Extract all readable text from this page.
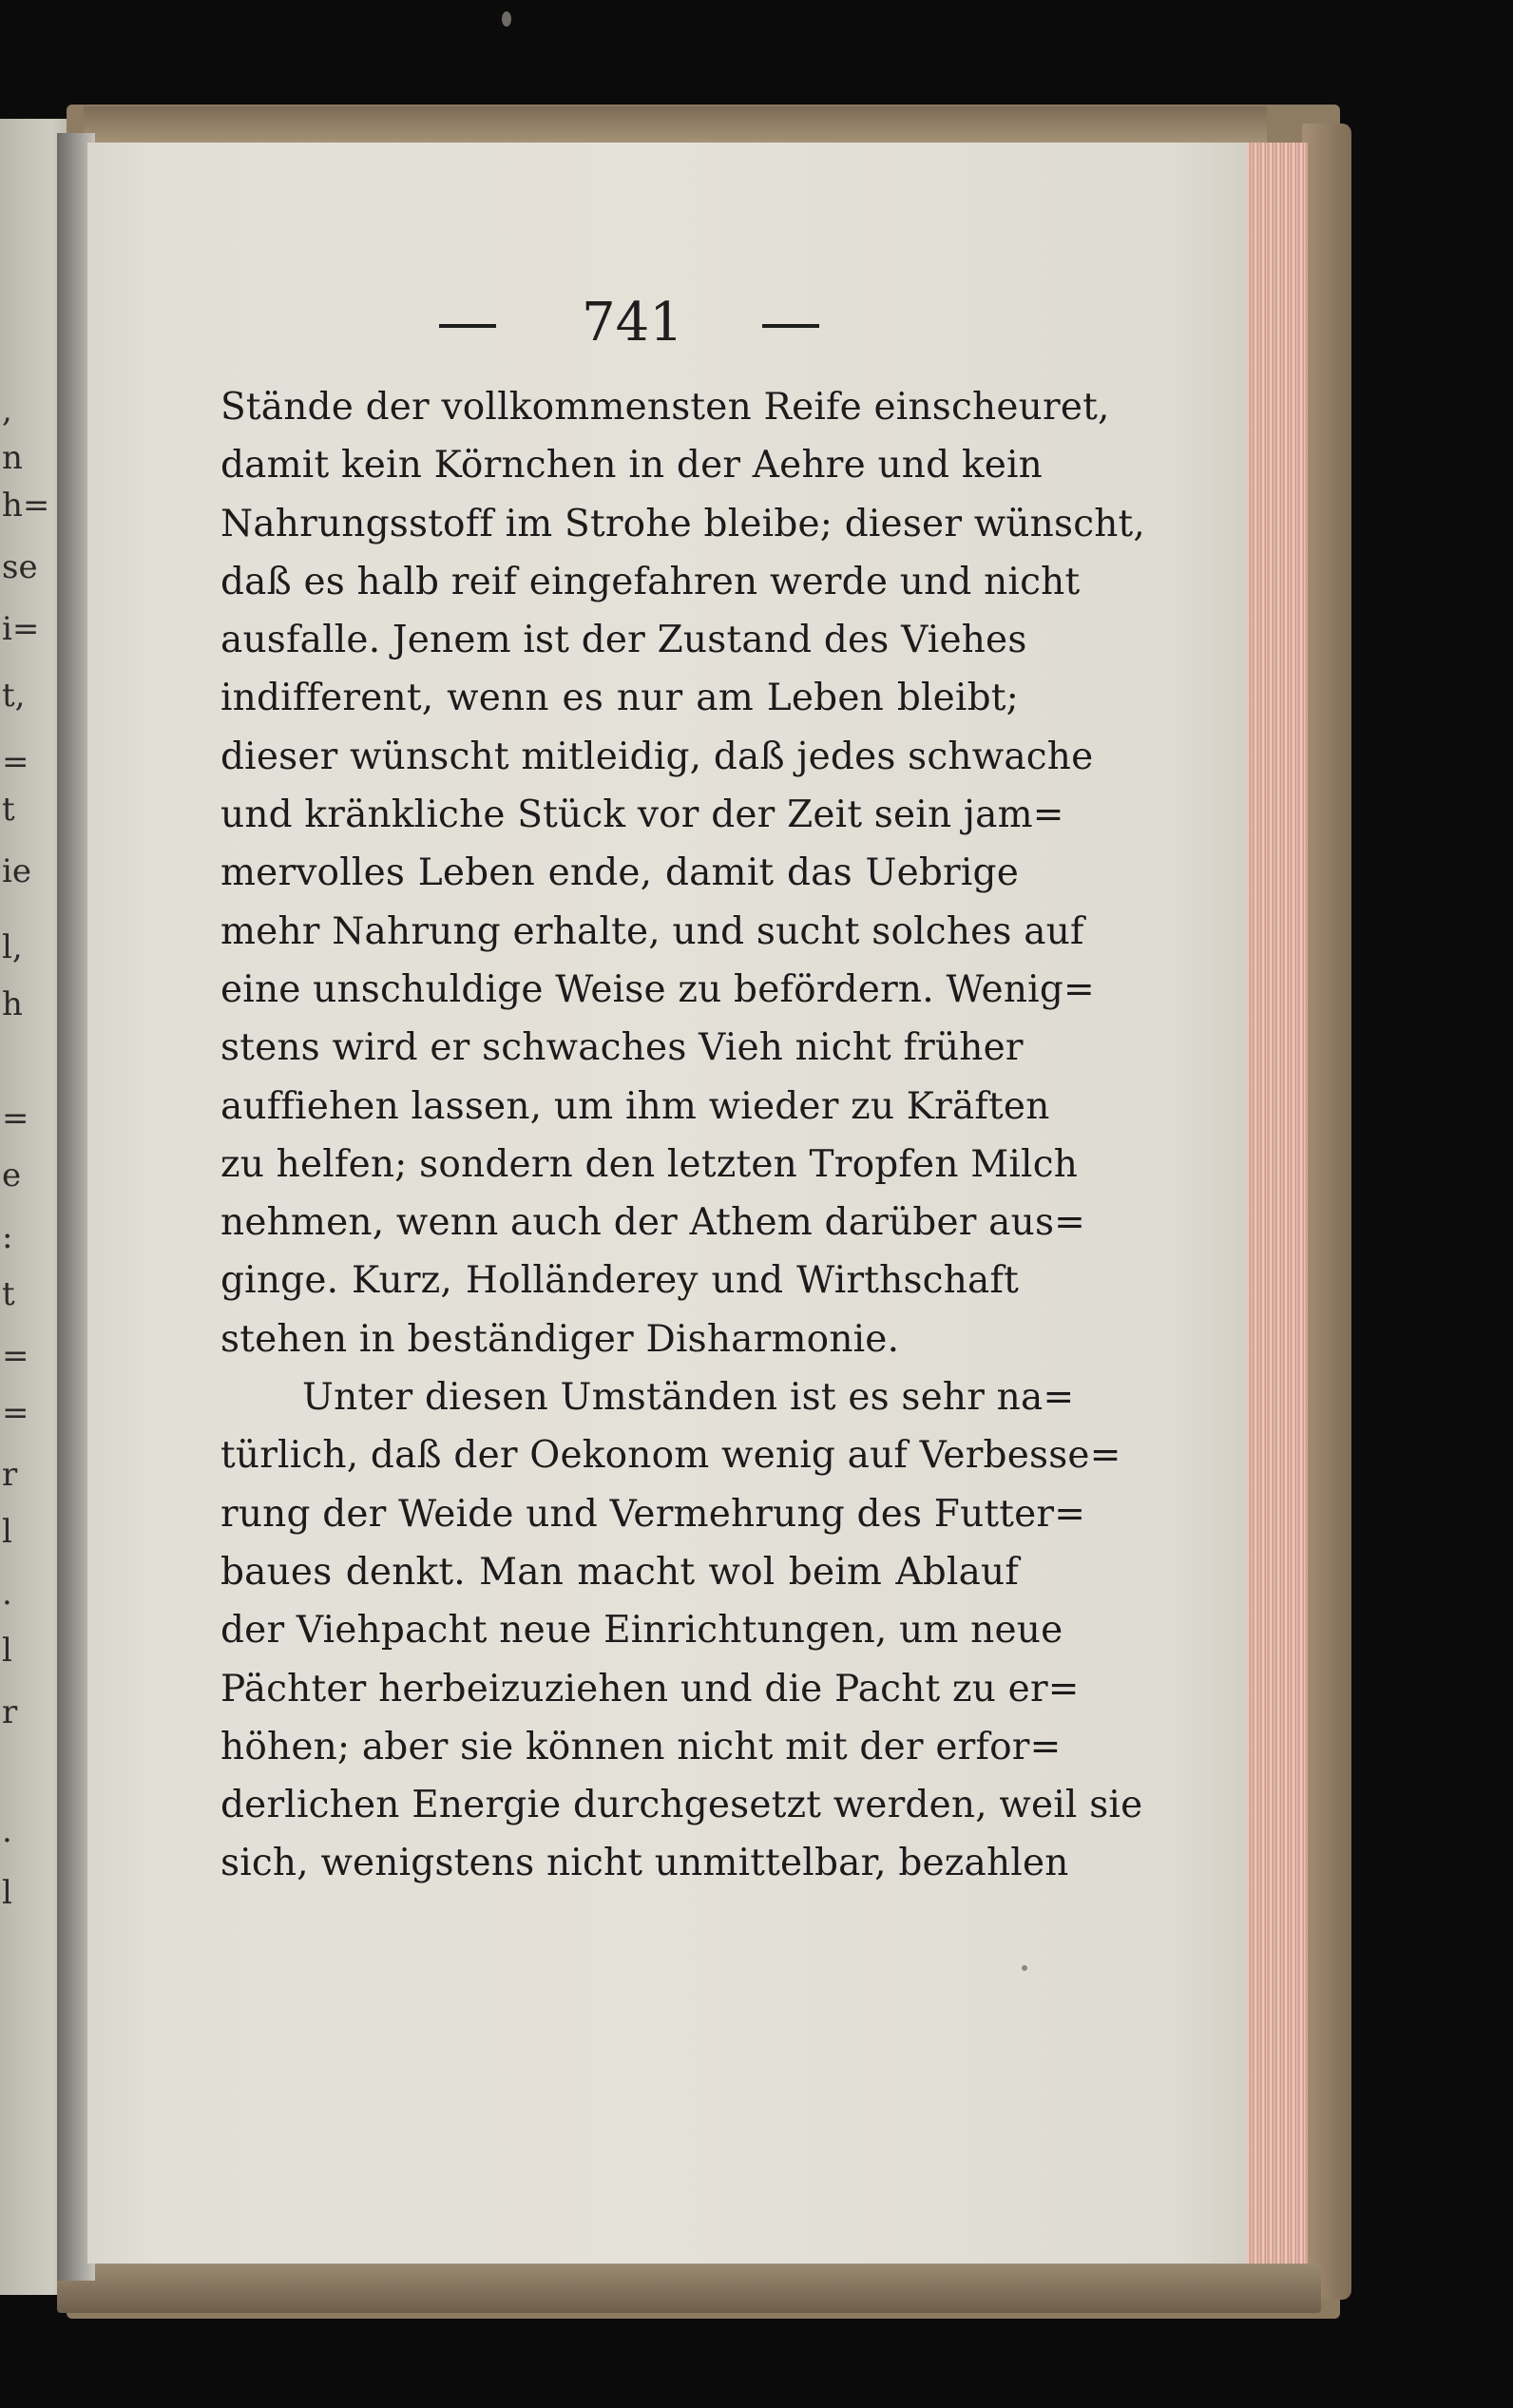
,
n
h=
se
i=
t,
=
t
ie
l,
h
=
e
:
t
=
=
r
l
.
l
r
.
l
741
Stände der vollkommensten Reife einscheuret,
damit kein Körnchen in der Aehre und kein
Nahrungsstoff im Strohe bleibe; dieser wünscht,
daß es halb reif eingefahren werde und nicht
ausfalle. Jenem ist der Zustand des Viehes
indifferent, wenn es nur am Leben bleibt;
dieser wünscht mitleidig, daß jedes schwache
und kränkliche Stück vor der Zeit sein jam=
mervolles Leben ende, damit das Uebrige
mehr Nahrung erhalte, und sucht solches auf
eine unschuldige Weise zu befördern. Wenig=
stens wird er schwaches Vieh nicht früher
auffiehen lassen, um ihm wieder zu Kräften
zu helfen; sondern den letzten Tropfen Milch
nehmen, wenn auch der Athem darüber aus=
ginge. Kurz, Holländerey und Wirthschaft
stehen in beständiger Disharmonie.
Unter diesen Umständen ist es sehr na=
türlich, daß der Oekonom wenig auf Verbesse=
rung der Weide und Vermehrung des Futter=
baues denkt. Man macht wol beim Ablauf
der Viehpacht neue Einrichtungen, um neue
Pächter herbeizuziehen und die Pacht zu er=
höhen; aber sie können nicht mit der erfor=
derlichen Energie durchgesetzt werden, weil sie
sich, wenigstens nicht unmittelbar, bezahlen
